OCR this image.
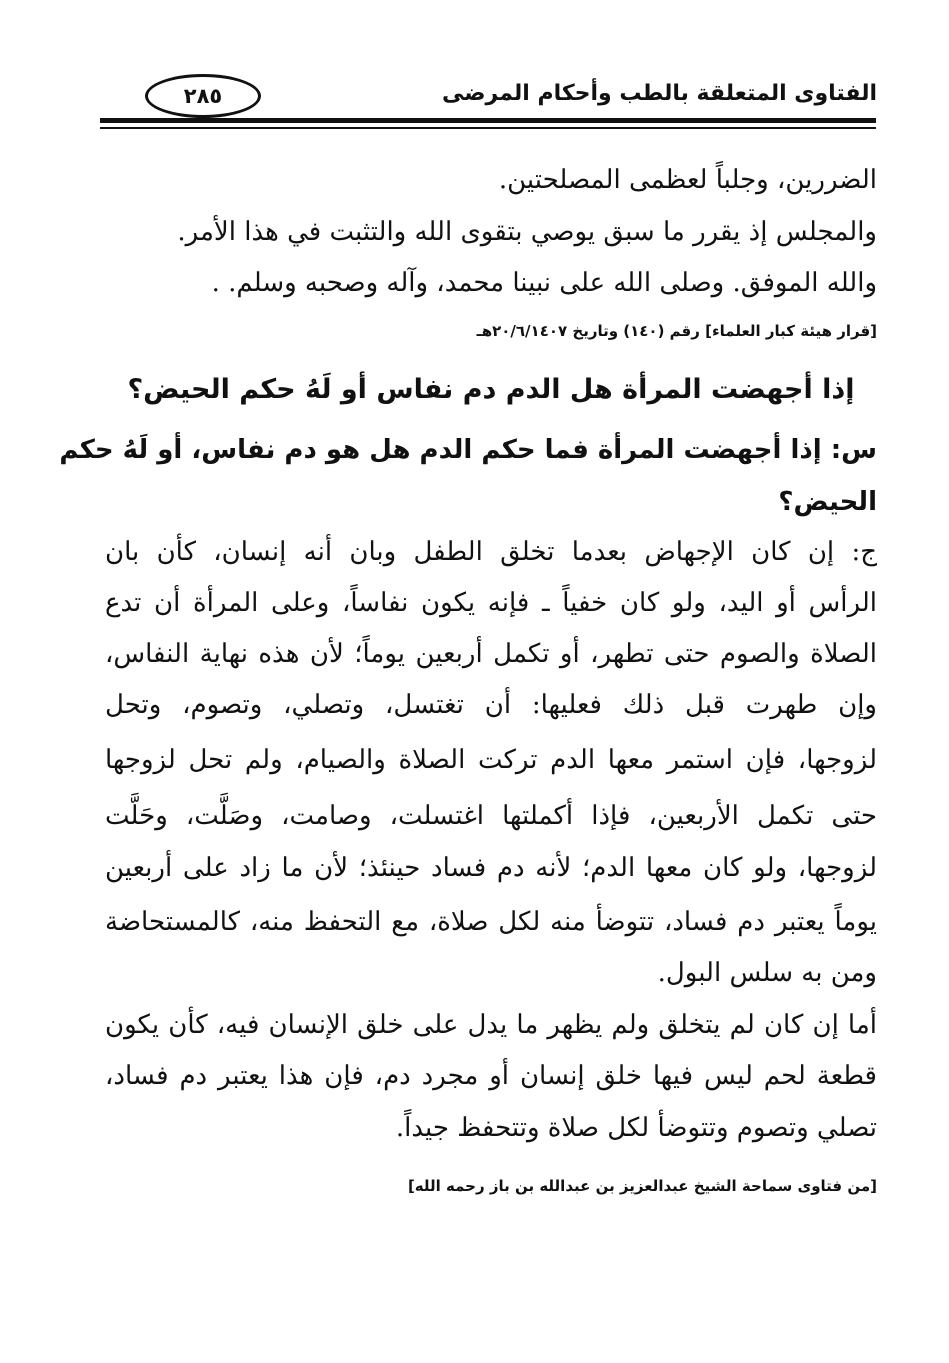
الفتاوى المتعلقة بالطب وأحكام المرضى
٢٨٥
الضررين، وجلباً لعظمى المصلحتين.
والمجلس إذ يقرر ما سبق يوصي بتقوى الله والتثبت في هذا الأمر.
والله الموفق. وصلى الله على نبينا محمد، وآله وصحبه وسلم. .
[قرار هيئة كبار العلماء] رقم (١٤٠) وتاريخ ٢٠/٦/١٤٠٧هـ
إذا أجهضت المرأة هل الدم دم نفاس أو لَهُ حكم الحيض؟
س: إذا أجهضت المرأة فما حكم الدم هل هو دم نفاس، أو لَهُ حكم
الحيض؟
ج: إن كان الإجهاض بعدما تخلق الطفل وبان أنه إنسان، كأن بان
الرأس أو اليد، ولو كان خفياً ـ فإنه يكون نفاساً، وعلى المرأة أن تدع
الصلاة والصوم حتى تطهر، أو تكمل أربعين يوماً؛ لأن هذه نهاية النفاس،
وإن طهرت قبل ذلك فعليها: أن تغتسل، وتصلي، وتصوم، وتحل
لزوجها، فإن استمر معها الدم تركت الصلاة والصيام، ولم تحل لزوجها
حتى تكمل الأربعين، فإذا أكملتها اغتسلت، وصامت، وصَلَّت، وحَلَّت
لزوجها، ولو كان معها الدم؛ لأنه دم فساد حينئذ؛ لأن ما زاد على أربعين
يوماً يعتبر دم فساد، تتوضأ منه لكل صلاة، مع التحفظ منه، كالمستحاضة
ومن به سلس البول.
أما إن كان لم يتخلق ولم يظهر ما يدل على خلق الإنسان فيه، كأن يكون
قطعة لحم ليس فيها خلق إنسان أو مجرد دم، فإن هذا يعتبر دم فساد،
تصلي وتصوم وتتوضأ لكل صلاة وتتحفظ جيداً.
[من فتاوى سماحة الشيخ عبدالعزيز بن عبدالله بن باز رحمه الله]
